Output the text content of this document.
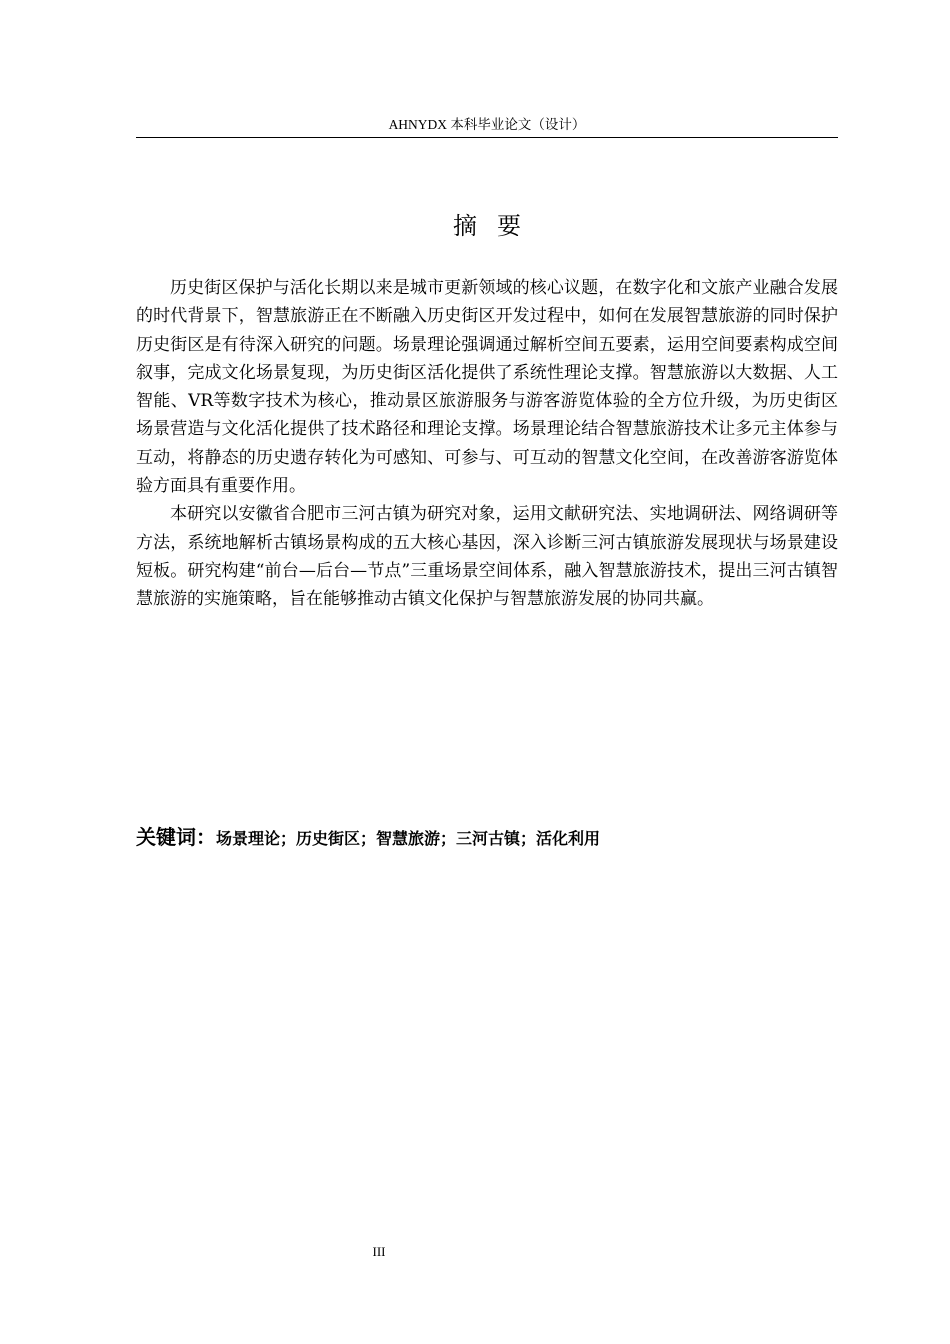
AHNYDX 本科毕业论文（设计）
摘要

历史街区保护与活化长期以来是城市更新领域的核心议题，在数字化和文旅产业融合发展的时代背景下，智慧旅游正在不断融入历史街区开发过程中，如何在发展智慧旅游的同时保护历史街区是有待深入研究的问题。场景理论强调通过解析空间五要素，运用空间要素构成空间叙事，完成文化场景复现，为历史街区活化提供了系统性理论支撑。智慧旅游以大数据、人工智能、VR等数字技术为核心，推动景区旅游服务与游客游览体验的全方位升级，为历史街区场景营造与文化活化提供了技术路径和理论支撑。场景理论结合智慧旅游技术让多元主体参与互动，将静态的历史遗存转化为可感知、可参与、可互动的智慧文化空间，在改善游客游览体验方面具有重要作用。

本研究以安徽省合肥市三河古镇为研究对象，运用文献研究法、实地调研法、网络调研等方法，系统地解析古镇场景构成的五大核心基因，深入诊断三河古镇旅游发展现状与场景建设短板。研究构建“前台—后台—节点”三重场景空间体系，融入智慧旅游技术，提出三河古镇智慧旅游的实施策略，旨在能够推动古镇文化保护与智慧旅游发展的协同共赢。

关键词：场景理论；历史街区；智慧旅游；三河古镇；活化利用
III
